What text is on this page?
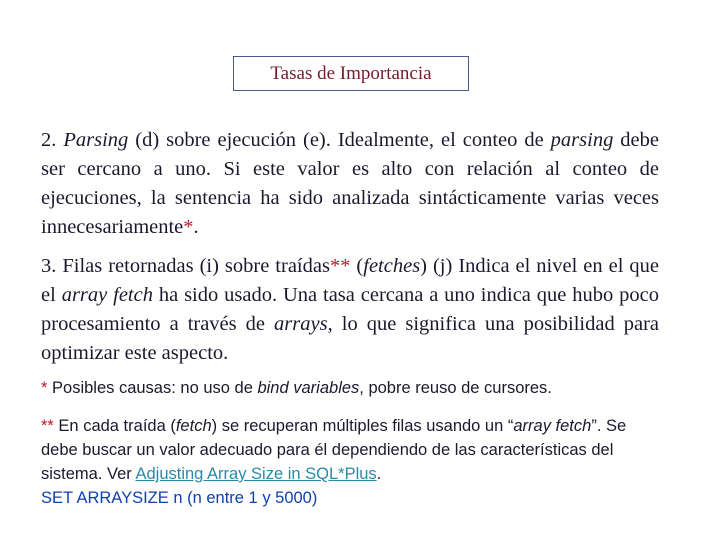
Tasas de Importancia

2. Parsing (d) sobre ejecución (e). Idealmente, el conteo de parsing debe ser cercano a uno. Si este valor es alto con relación al conteo de ejecuciones, la sentencia ha sido analizada sintácticamente varias veces innecesariamente*.

3. Filas retornadas (i) sobre traídas** (fetches) (j) Indica el nivel en el que el array fetch ha sido usado. Una tasa cercana a uno indica que hubo poco procesamiento a través de arrays, lo que significa una posibilidad para optimizar este aspecto.

* Posibles causas: no uso de bind variables, pobre reuso de cursores.

** En cada traída (fetch) se recuperan múltiples filas usando un “array fetch”. Se debe buscar un valor adecuado para él dependiendo de las características del sistema. Ver Adjusting Array Size in SQL*Plus.
SET ARRAYSIZE n (n entre 1 y 5000)
